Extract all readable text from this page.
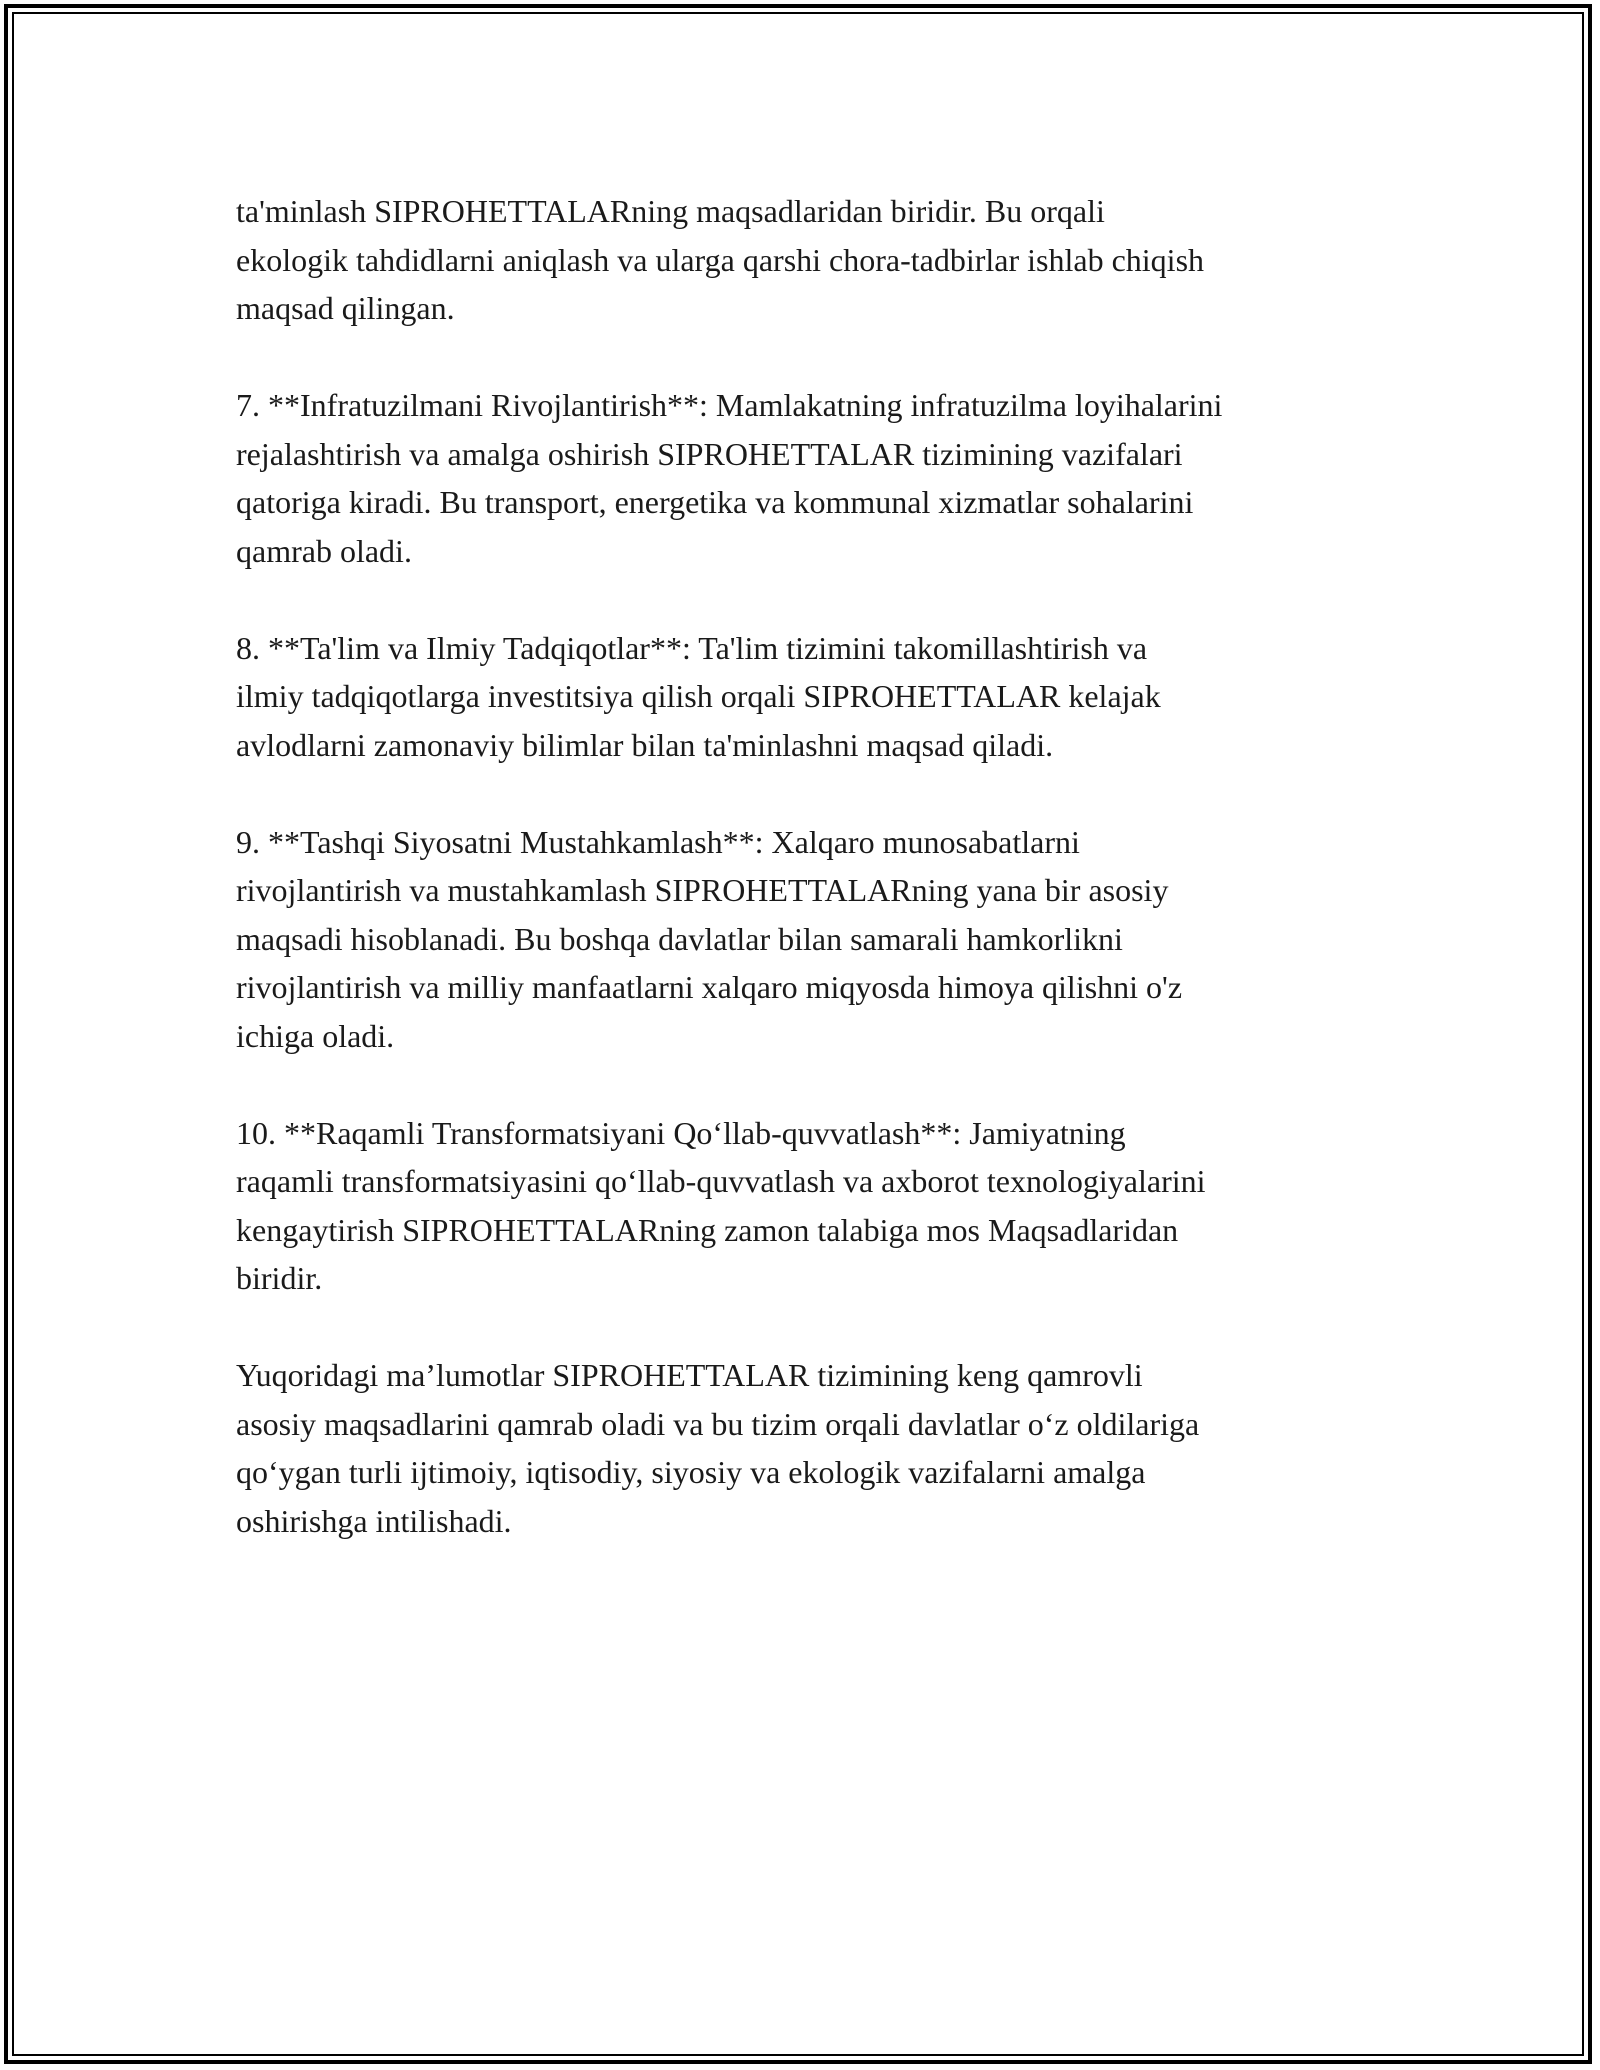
ta'minlash SIPROHETTALARning maqsadlaridan biridir. Bu orqali
ekologik tahdidlarni aniqlash va ularga qarshi chora-tadbirlar ishlab chiqish
maqsad qilingan.

7. **Infratuzilmani Rivojlantirish**: Mamlakatning infratuzilma loyihalarini
rejalashtirish va amalga oshirish SIPROHETTALAR tizimining vazifalari
qatoriga kiradi. Bu transport, energetika va kommunal xizmatlar sohalarini
qamrab oladi.

8. **Ta'lim va Ilmiy Tadqiqotlar**: Ta'lim tizimini takomillashtirish va
ilmiy tadqiqotlarga investitsiya qilish orqali SIPROHETTALAR kelajak
avlodlarni zamonaviy bilimlar bilan ta'minlashni maqsad qiladi.

9. **Tashqi Siyosatni Mustahkamlash**: Xalqaro munosabatlarni
rivojlantirish va mustahkamlash SIPROHETTALARning yana bir asosiy
maqsadi hisoblanadi. Bu boshqa davlatlar bilan samarali hamkorlikni
rivojlantirish va milliy manfaatlarni xalqaro miqyosda himoya qilishni o'z
ichiga oladi.

10. **Raqamli Transformatsiyani Qo‘llab-quvvatlash**: Jamiyatning
raqamli transformatsiyasini qo‘llab-quvvatlash va axborot texnologiyalarini
kengaytirish SIPROHETTALARning zamon talabiga mos Maqsadlaridan
biridir.

Yuqoridagi ma’lumotlar SIPROHETTALAR tizimining keng qamrovli
asosiy maqsadlarini qamrab oladi va bu tizim orqali davlatlar o‘z oldilariga
qo‘ygan turli ijtimoiy, iqtisodiy, siyosiy va ekologik vazifalarni amalga
oshirishga intilishadi.
